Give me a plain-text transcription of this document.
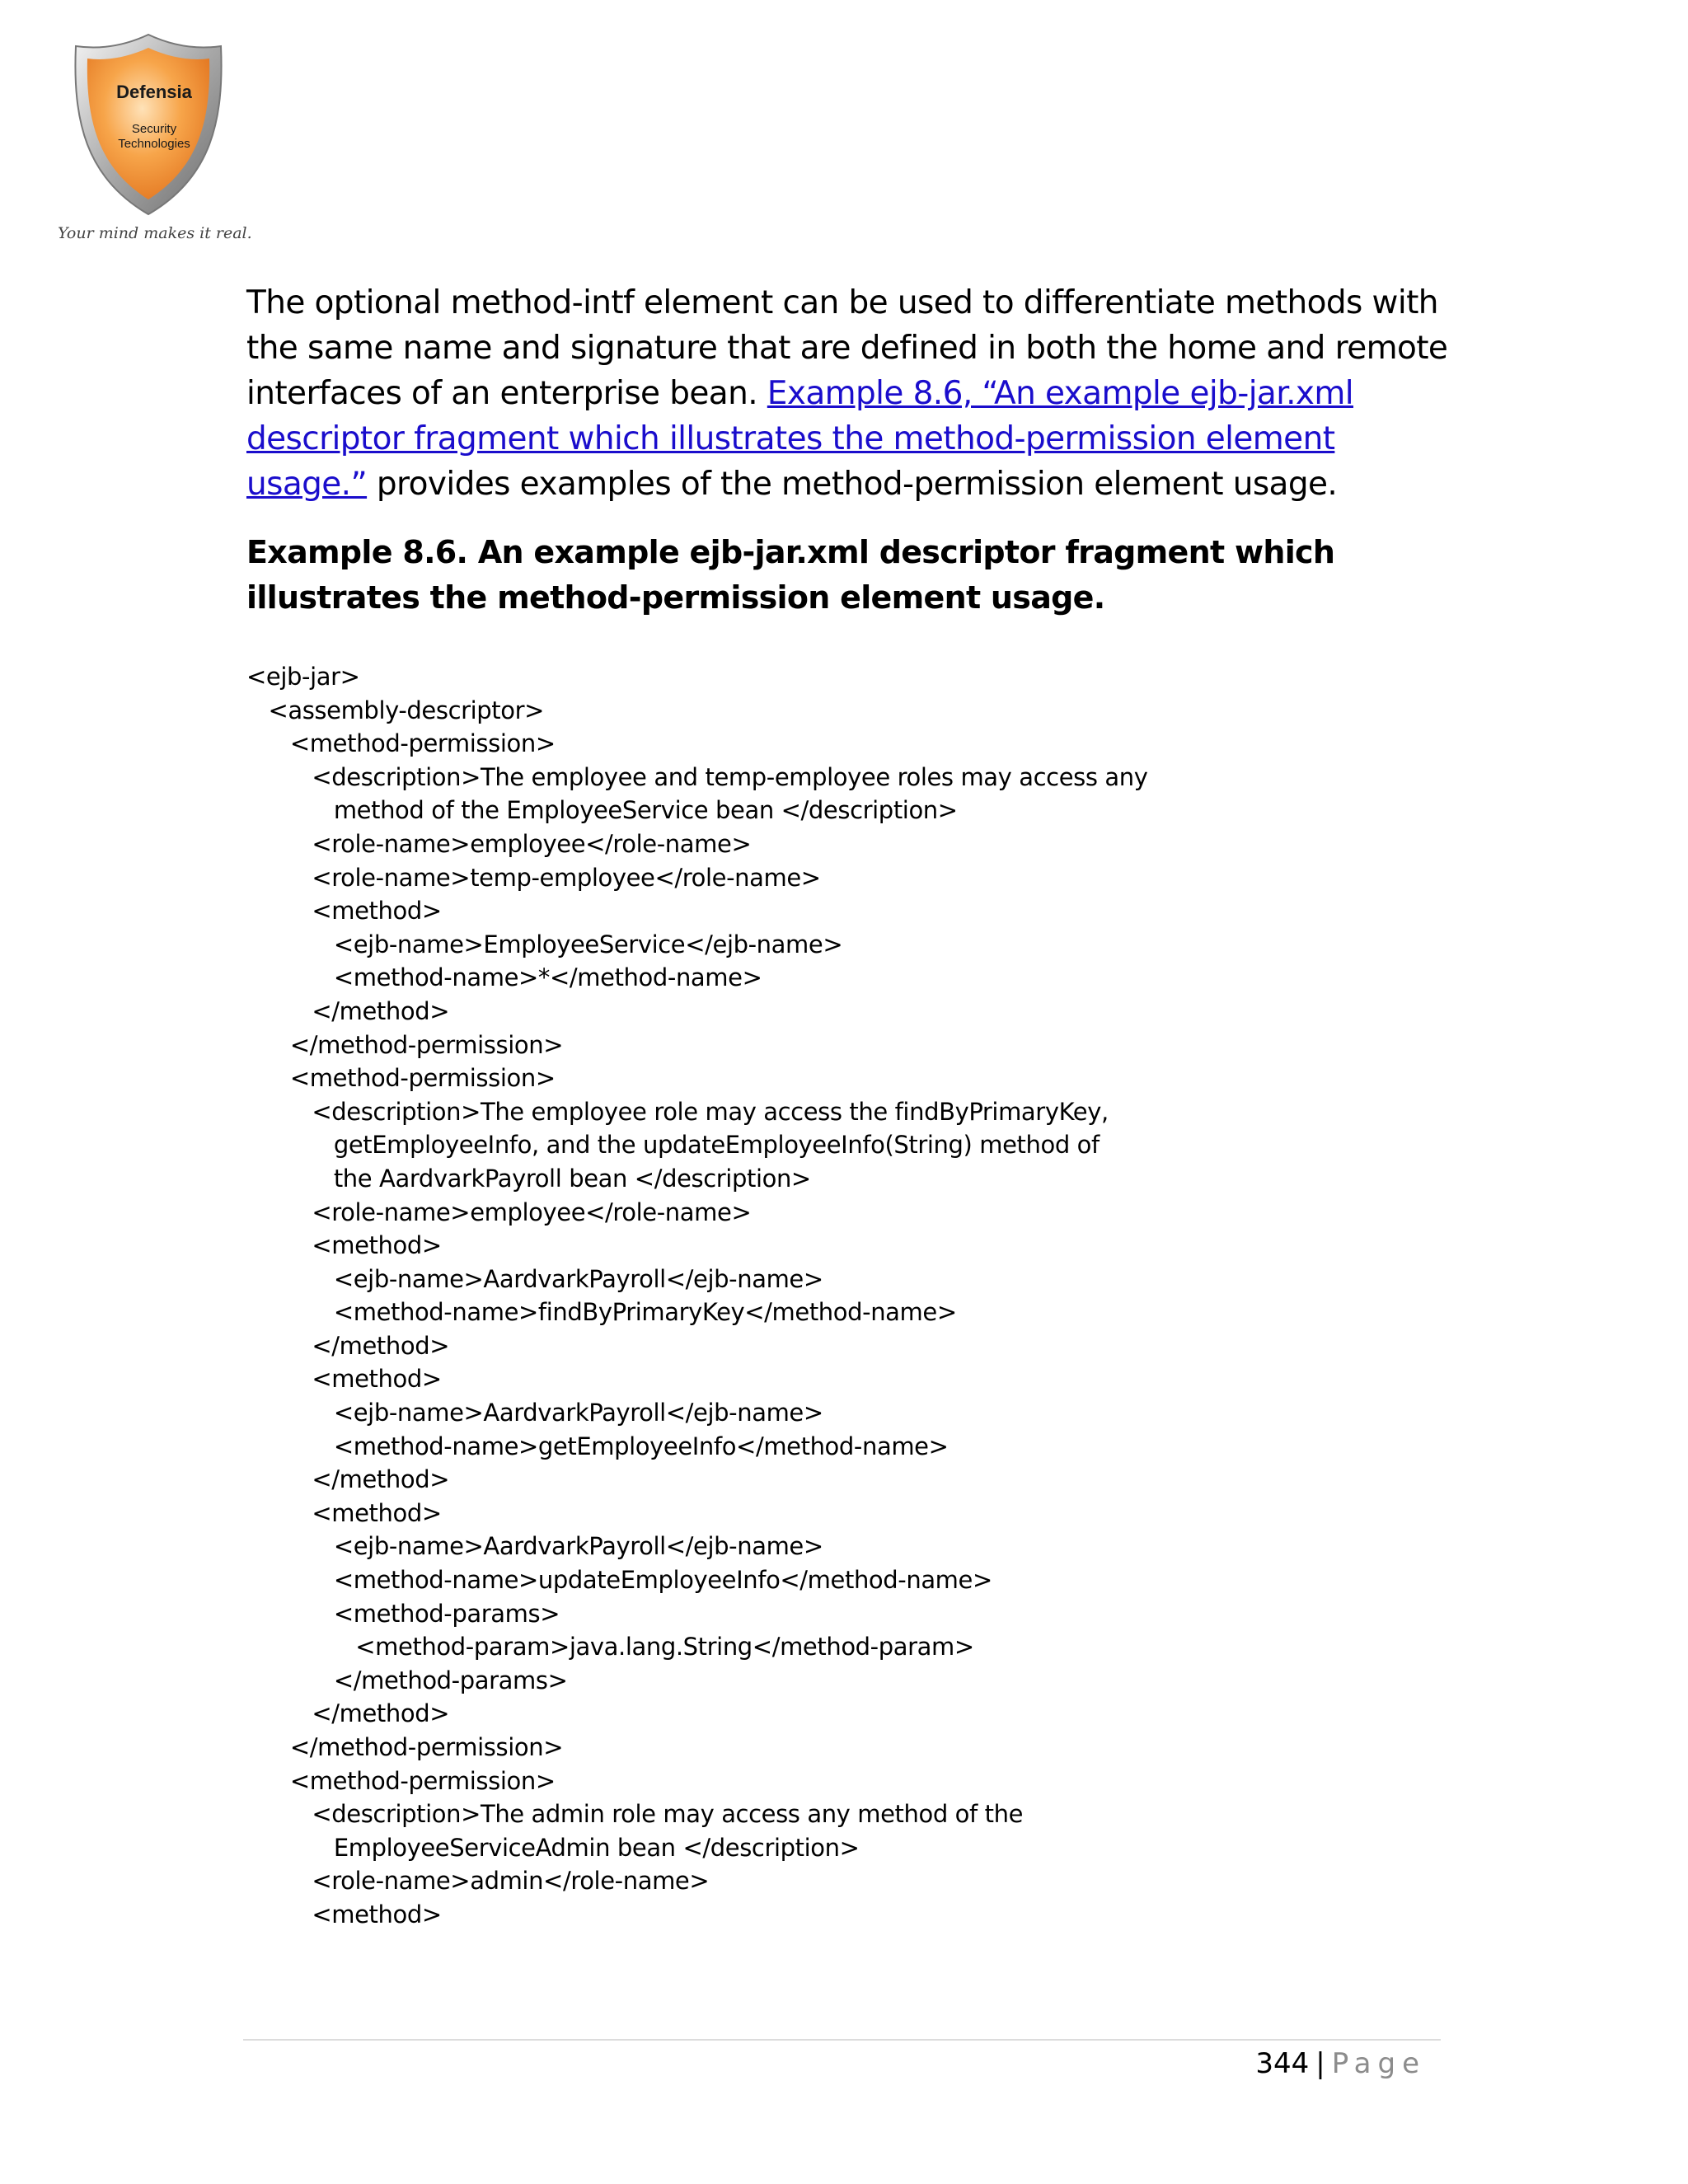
Defensia
Security
Technologies
Your mind makes it real.

The optional method-intf element can be used to differentiate methods with the same name and signature that are defined in both the home and remote interfaces of an enterprise bean. Example 8.6, “An example ejb-jar.xml descriptor fragment which illustrates the method-permission element usage.” provides examples of the method-permission element usage.

Example 8.6. An example ejb-jar.xml descriptor fragment which illustrates the method-permission element usage.
<ejb-jar>
<assembly-descriptor>
<method-permission>
<description>The employee and temp-employee roles may access any
method of the EmployeeService bean </description>
<role-name>employee</role-name>
<role-name>temp-employee</role-name>
<method>
<ejb-name>EmployeeService</ejb-name>
<method-name>*</method-name>
</method>
</method-permission>
<method-permission>
<description>The employee role may access the findByPrimaryKey,
getEmployeeInfo, and the updateEmployeeInfo(String) method of
the AardvarkPayroll bean </description>
<role-name>employee</role-name>
<method>
<ejb-name>AardvarkPayroll</ejb-name>
<method-name>findByPrimaryKey</method-name>
</method>
<method>
<ejb-name>AardvarkPayroll</ejb-name>
<method-name>getEmployeeInfo</method-name>
</method>
<method>
<ejb-name>AardvarkPayroll</ejb-name>
<method-name>updateEmployeeInfo</method-name>
<method-params>
<method-param>java.lang.String</method-param>
</method-params>
</method>
</method-permission>
<method-permission>
<description>The admin role may access any method of the
EmployeeServiceAdmin bean </description>
<role-name>admin</role-name>
<method>
344 | Page
